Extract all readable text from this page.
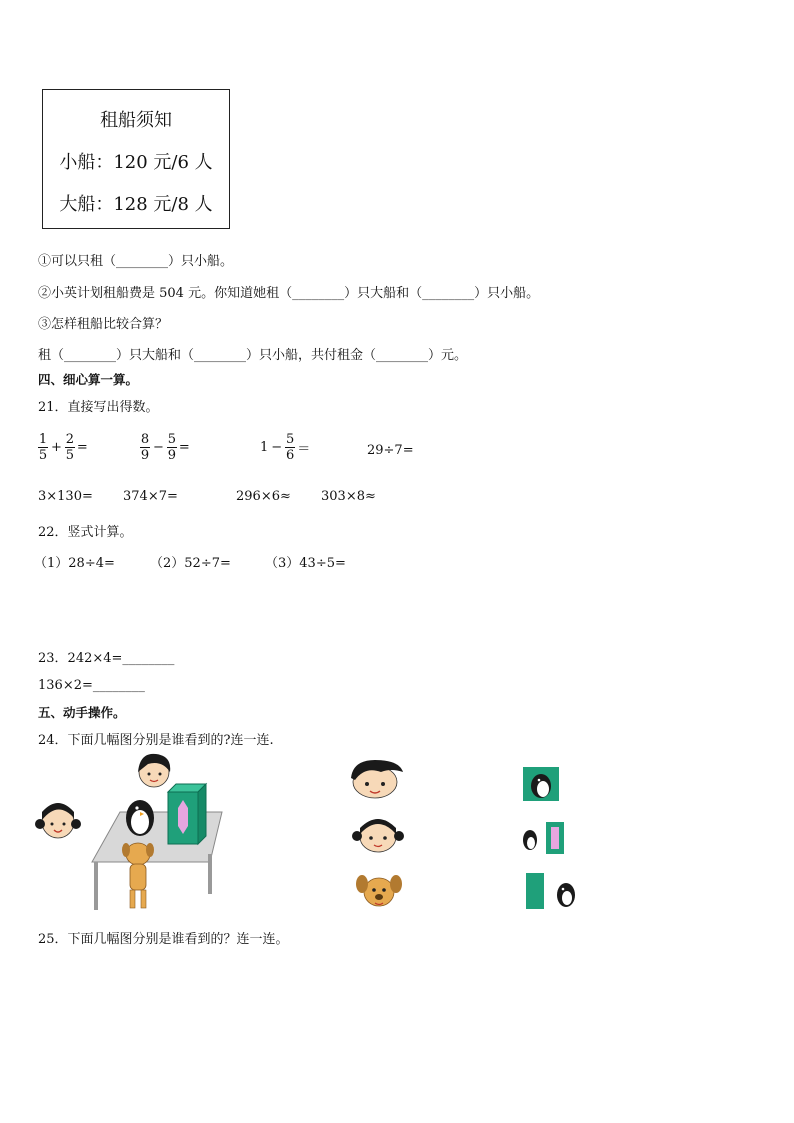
租船须知
小船：120 元/6 人
大船：128 元/8 人
①可以只租（________）只小船。
②小英计划租船费是 504 元。你知道她租（________）只大船和（________）只小船。
③怎样租船比较合算？
租（________）只大船和（________）只小船，共付租金（________）元。
四、细心算一算。
21．直接写出得数。
$\frac{1}{5} + \frac{2}{5}$ =	$\frac{8}{9} - \frac{5}{9}$ =	$1 - \frac{5}{6}$ ＝	29÷7=
3×130= 374×7=	296×6≈ 303×8≈
22．竖式计算。
（1）28÷4=	（2）52÷7=	（3）43÷5=
23．242×4=________
136×2=________
五、动手操作。
24．下面几幅图分别是谁看到的?连一连.
25．下面几幅图分别是谁看到的？连一连。
